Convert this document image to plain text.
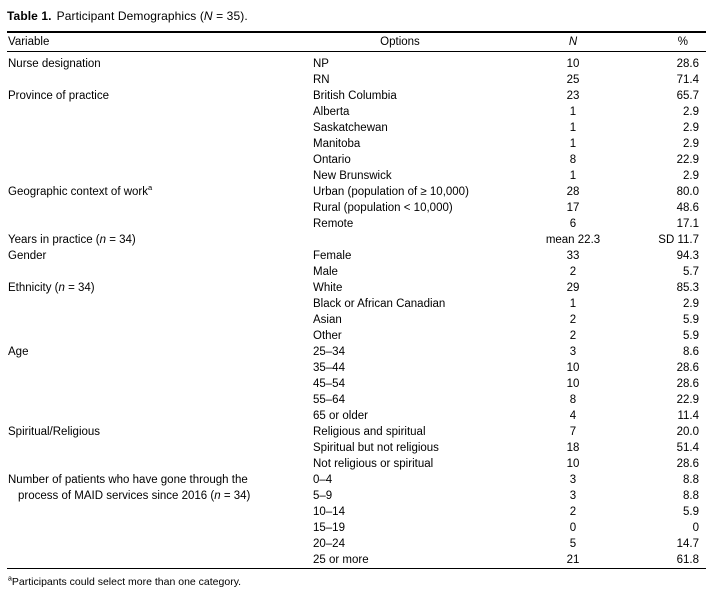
Table 1. Participant Demographics (N = 35).
Variable	Options	N	%
Nurse designation	NP	10	28.6
	RN	25	71.4
Province of practice	British Columbia	23	65.7
	Alberta	1	2.9
	Saskatchewan	1	2.9
	Manitoba	1	2.9
	Ontario	8	22.9
	New Brunswick	1	2.9
Geographic context of work$^a$	Urban (population of ≥ 10,000)	28	80.0
	Rural (population < 10,000)	17	48.6
	Remote	6	17.1
Years in practice (n = 34)		mean 22.3	SD 11.7
Gender	Female	33	94.3
	Male	2	5.7
Ethnicity (n = 34)	White	29	85.3
	Black or African Canadian	1	2.9
	Asian	2	5.9
	Other	2	5.9
Age	25–34	3	8.6
	35–44	10	28.6
	45–54	10	28.6
	55–64	8	22.9
	65 or older	4	11.4
Spiritual/Religious	Religious and spiritual	7	20.0
	Spiritual but not religious	18	51.4
	Not religious or spiritual	10	28.6
Number of patients who have gone through the	0–4	3	8.8
process of MAID services since 2016 (n = 34)	5–9	3	8.8
	10–14	2	5.9
	15–19	0	0
	20–24	5	14.7
	25 or more	21	61.8
$^a$Participants could select more than one category.
